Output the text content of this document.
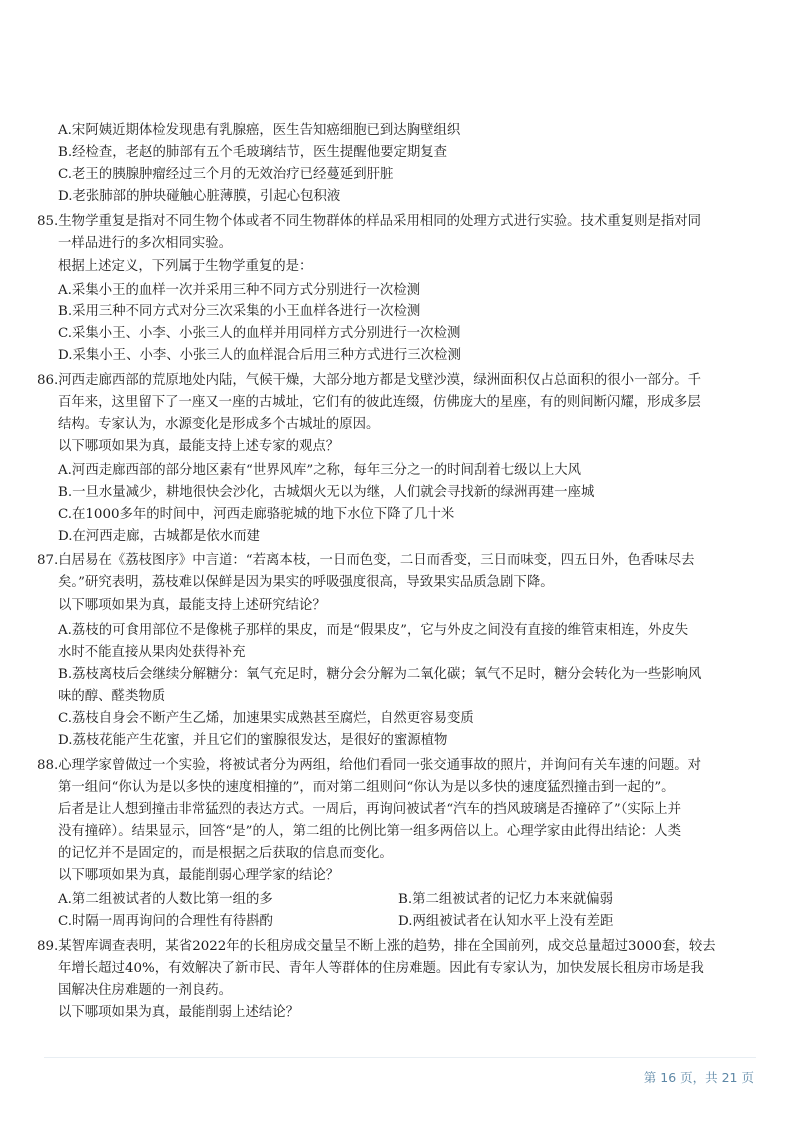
A.宋阿姨近期体检发现患有乳腺癌，医生告知癌细胞已到达胸壁组织
B.经检查，老赵的肺部有五个毛玻璃结节，医生提醒他要定期复查
C.老王的胰腺肿瘤经过三个月的无效治疗已经蔓延到肝脏
D.老张肺部的肿块碰触心脏薄膜，引起心包积液
85.生物学重复是指对不同生物个体或者不同生物群体的样品采用相同的处理方式进行实验。技术重复则是指对同
一样品进行的多次相同实验。
根据上述定义，下列属于生物学重复的是：
A.采集小王的血样一次并采用三种不同方式分别进行一次检测
B.采用三种不同方式对分三次采集的小王血样各进行一次检测
C.采集小王、小李、小张三人的血样并用同样方式分别进行一次检测
D.采集小王、小李、小张三人的血样混合后用三种方式进行三次检测
86.河西走廊西部的荒原地处内陆，气候干燥，大部分地方都是戈壁沙漠，绿洲面积仅占总面积的很小一部分。千
百年来，这里留下了一座又一座的古城址，它们有的彼此连缀，仿佛庞大的星座，有的则间断闪耀，形成多层
结构。专家认为，水源变化是形成多个古城址的原因。
以下哪项如果为真，最能支持上述专家的观点？
A.河西走廊西部的部分地区素有“世界风库”之称，每年三分之一的时间刮着七级以上大风
B.一旦水量减少，耕地很快会沙化，古城烟火无以为继，人们就会寻找新的绿洲再建一座城
C.在1000多年的时间中，河西走廊骆驼城的地下水位下降了几十米
D.在河西走廊，古城都是依水而建
87.白居易在《荔枝图序》中言道：“若离本枝，一日而色变，二日而香变，三日而味变，四五日外，色香味尽去
矣。”研究表明，荔枝难以保鲜是因为果实的呼吸强度很高，导致果实品质急剧下降。
以下哪项如果为真，最能支持上述研究结论？
A.荔枝的可食用部位不是像桃子那样的果皮，而是“假果皮”，它与外皮之间没有直接的维管束相连，外皮失
水时不能直接从果肉处获得补充
B.荔枝离枝后会继续分解糖分：氧气充足时，糖分会分解为二氧化碳；氧气不足时，糖分会转化为一些影响风
味的醇、醛类物质
C.荔枝自身会不断产生乙烯，加速果实成熟甚至腐烂，自然更容易变质
D.荔枝花能产生花蜜，并且它们的蜜腺很发达，是很好的蜜源植物
88.心理学家曾做过一个实验，将被试者分为两组，给他们看同一张交通事故的照片，并询问有关车速的问题。对
第一组问“你认为是以多快的速度相撞的”，而对第二组则问“你认为是以多快的速度猛烈撞击到一起的”。
后者是让人想到撞击非常猛烈的表达方式。一周后，再询问被试者“汽车的挡风玻璃是否撞碎了”（实际上并
没有撞碎）。结果显示，回答“是”的人，第二组的比例比第一组多两倍以上。心理学家由此得出结论：人类
的记忆并不是固定的，而是根据之后获取的信息而变化。
以下哪项如果为真，最能削弱心理学家的结论？
A.第二组被试者的人数比第一组的多	B.第二组被试者的记忆力本来就偏弱
C.时隔一周再询问的合理性有待斟酌	D.两组被试者在认知水平上没有差距
89.某智库调查表明，某省2022年的长租房成交量呈不断上涨的趋势，排在全国前列，成交总量超过3000套，较去
年增长超过40%，有效解决了新市民、青年人等群体的住房难题。因此有专家认为，加快发展长租房市场是我
国解决住房难题的一剂良药。
以下哪项如果为真，最能削弱上述结论？
第 16 页，共 21 页
